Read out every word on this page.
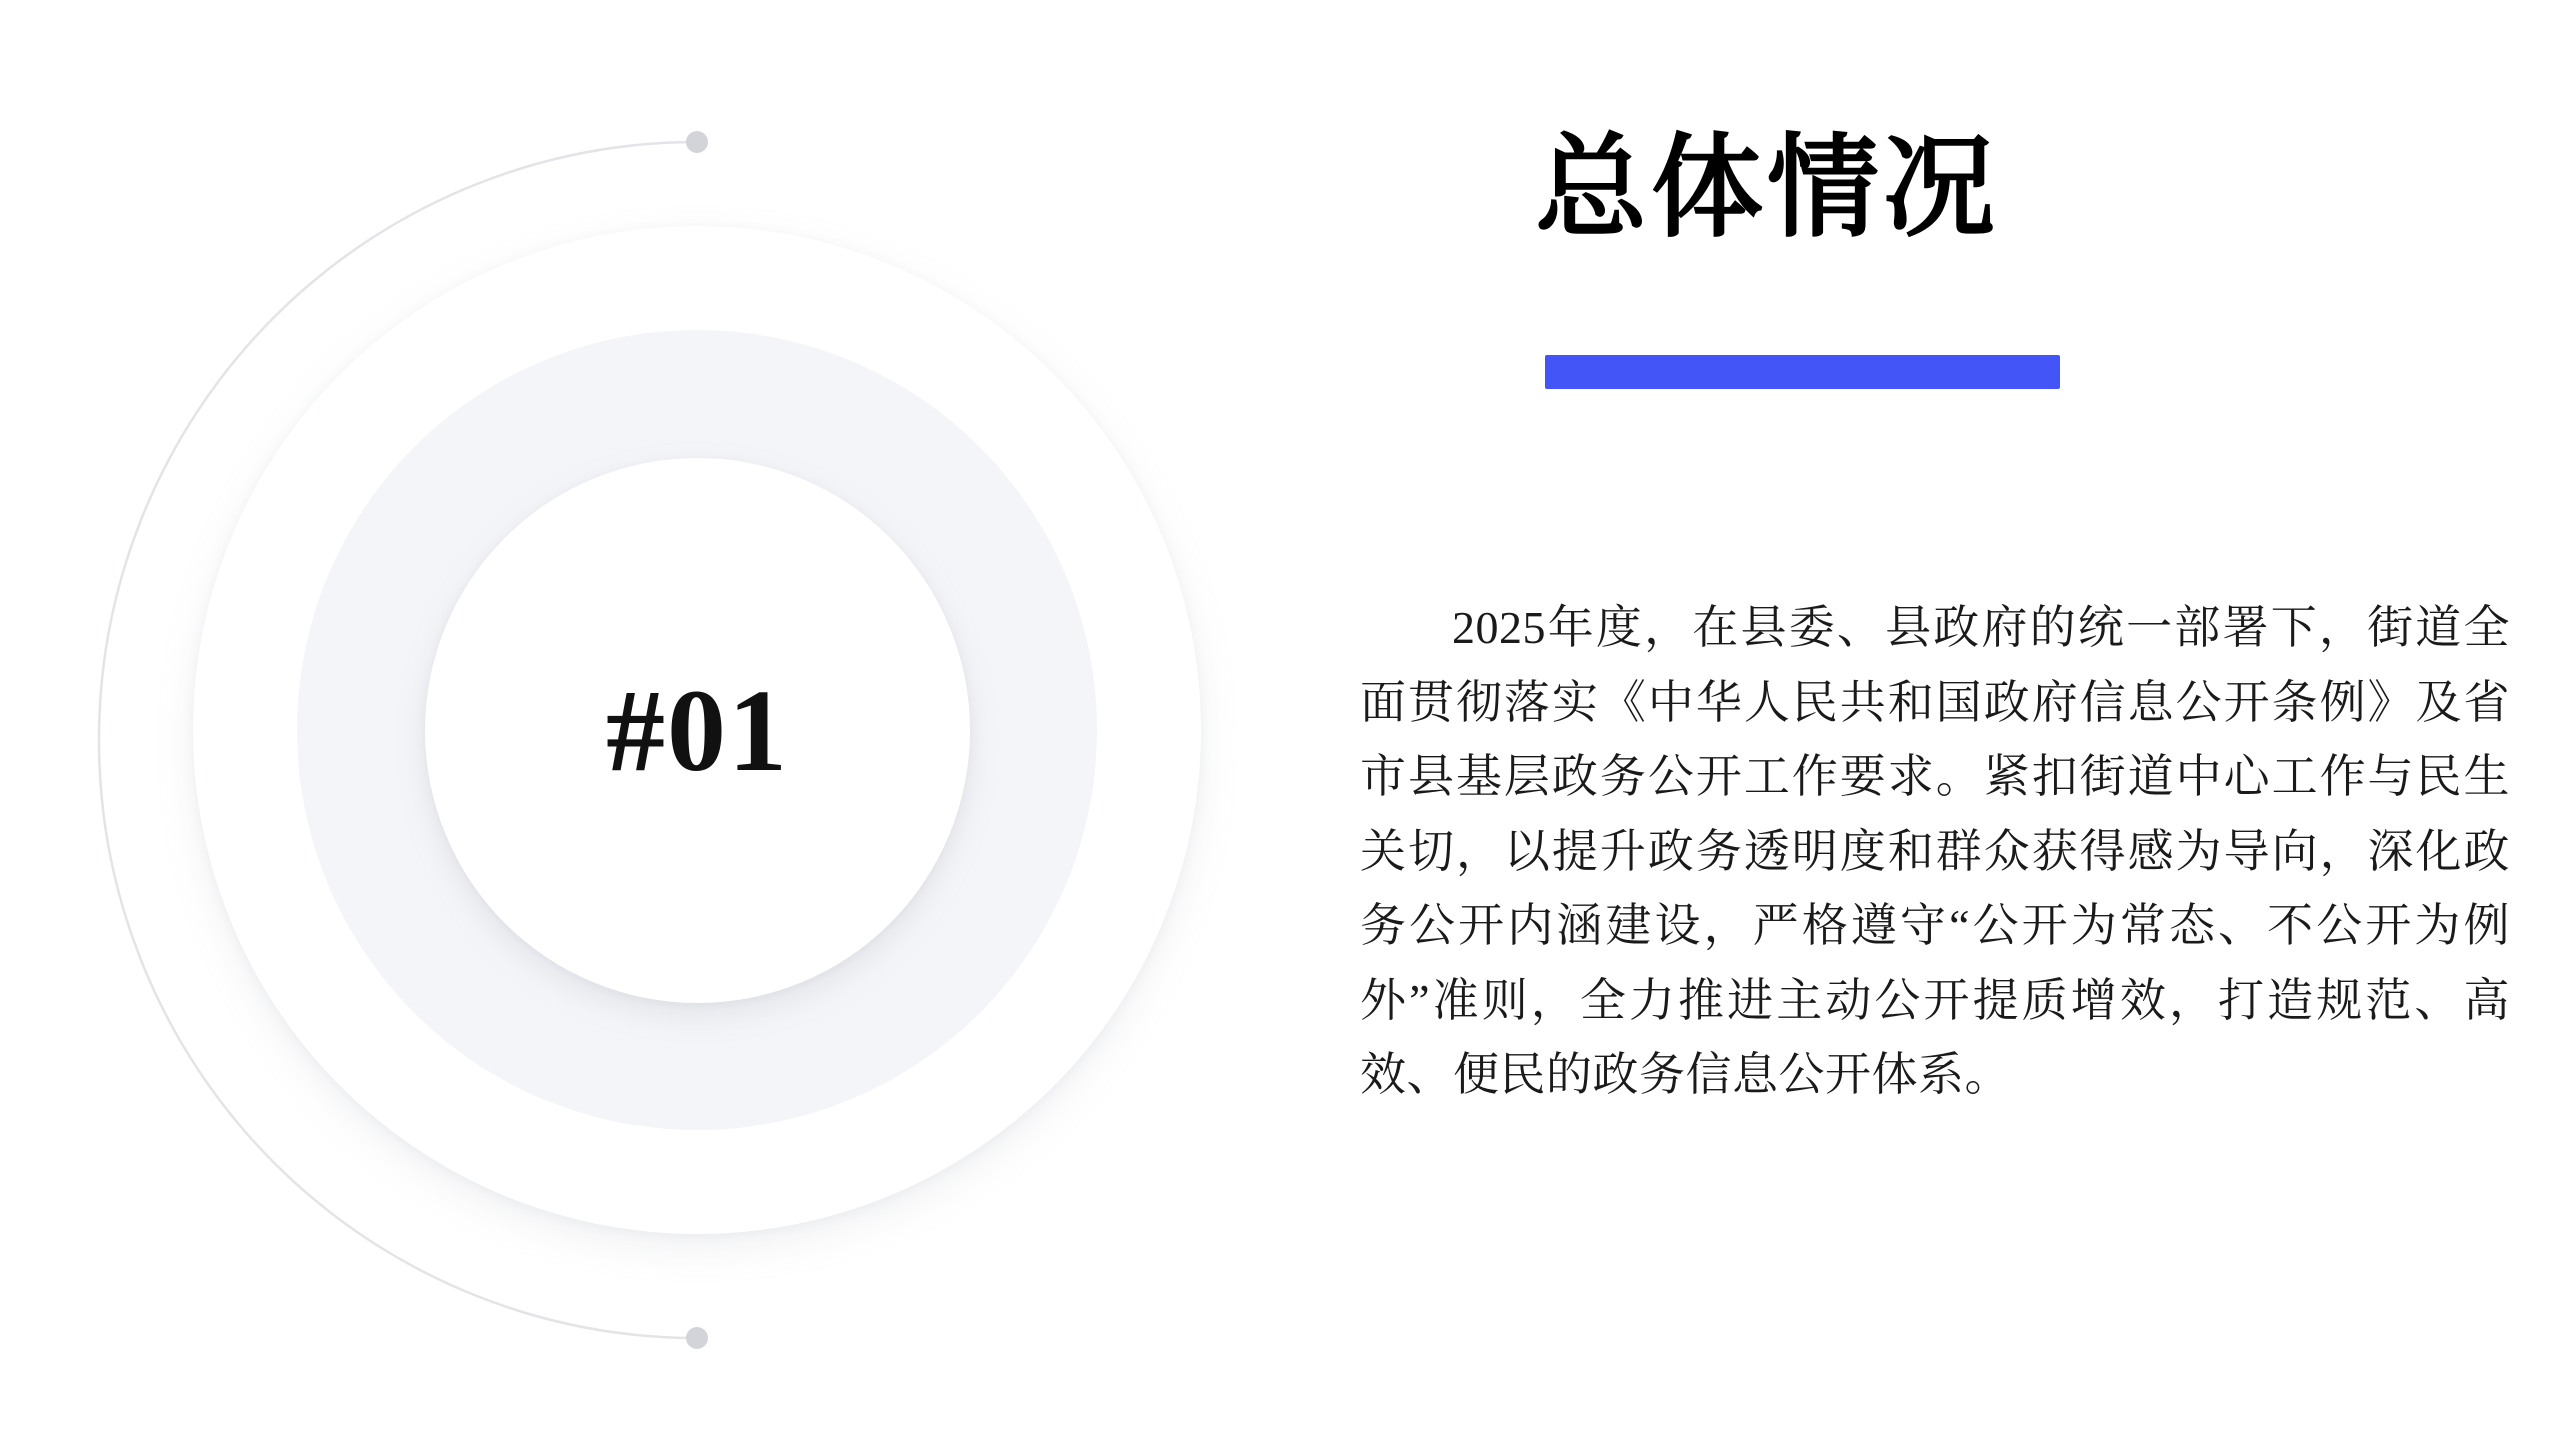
#01
总体情况

2025年度，在县委、县政府的统一部署下，街道全面贯彻落实《中华人民共和国政府信息公开条例》及省市县基层政务公开工作要求。紧扣街道中心工作与民生关切，以提升政务透明度和群众获得感为导向，深化政务公开内涵建设，严格遵守“公开为常态、不公开为例外”准则，全力推进主动公开提质增效，打造规范、高效、便民的政务信息公开体系。
